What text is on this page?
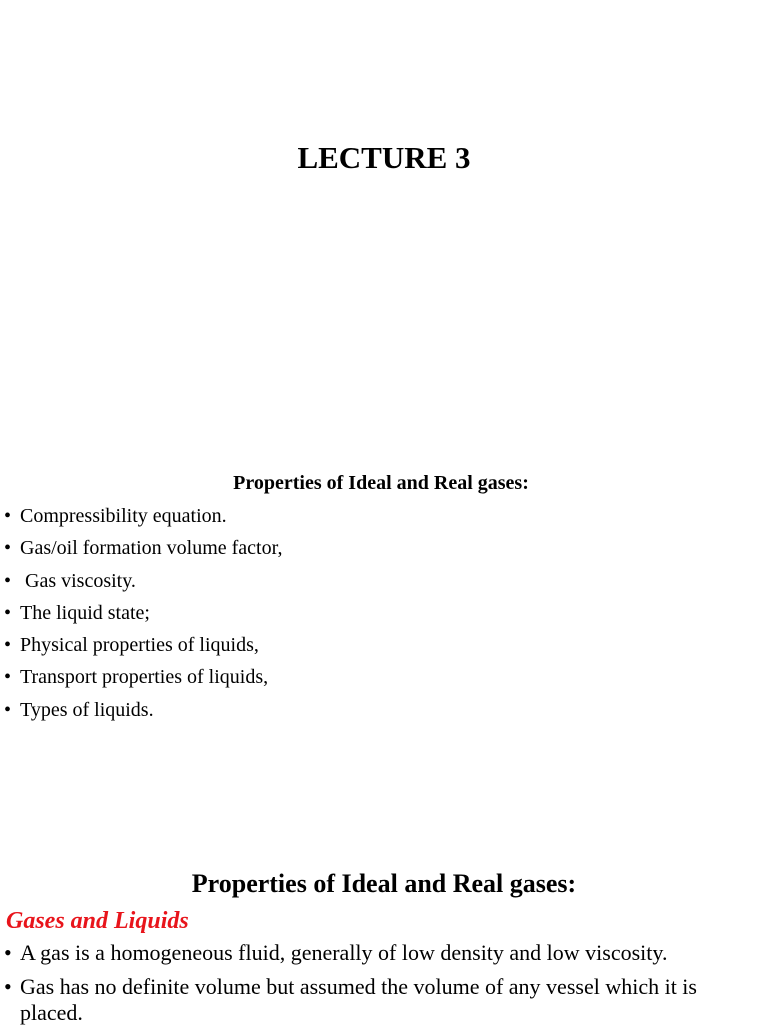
LECTURE 3
Properties of Ideal and Real gases:
• Compressibility equation.
• Gas/oil formation volume factor,
• Gas viscosity.
• The liquid state;
• Physical properties of liquids,
• Transport properties of liquids,
• Types of liquids.
Properties of Ideal and Real gases:
Gases and Liquids
• A gas is a homogeneous fluid, generally of low density and low viscosity.
• Gas has no definite volume but assumed the volume of any vessel which it is placed.
